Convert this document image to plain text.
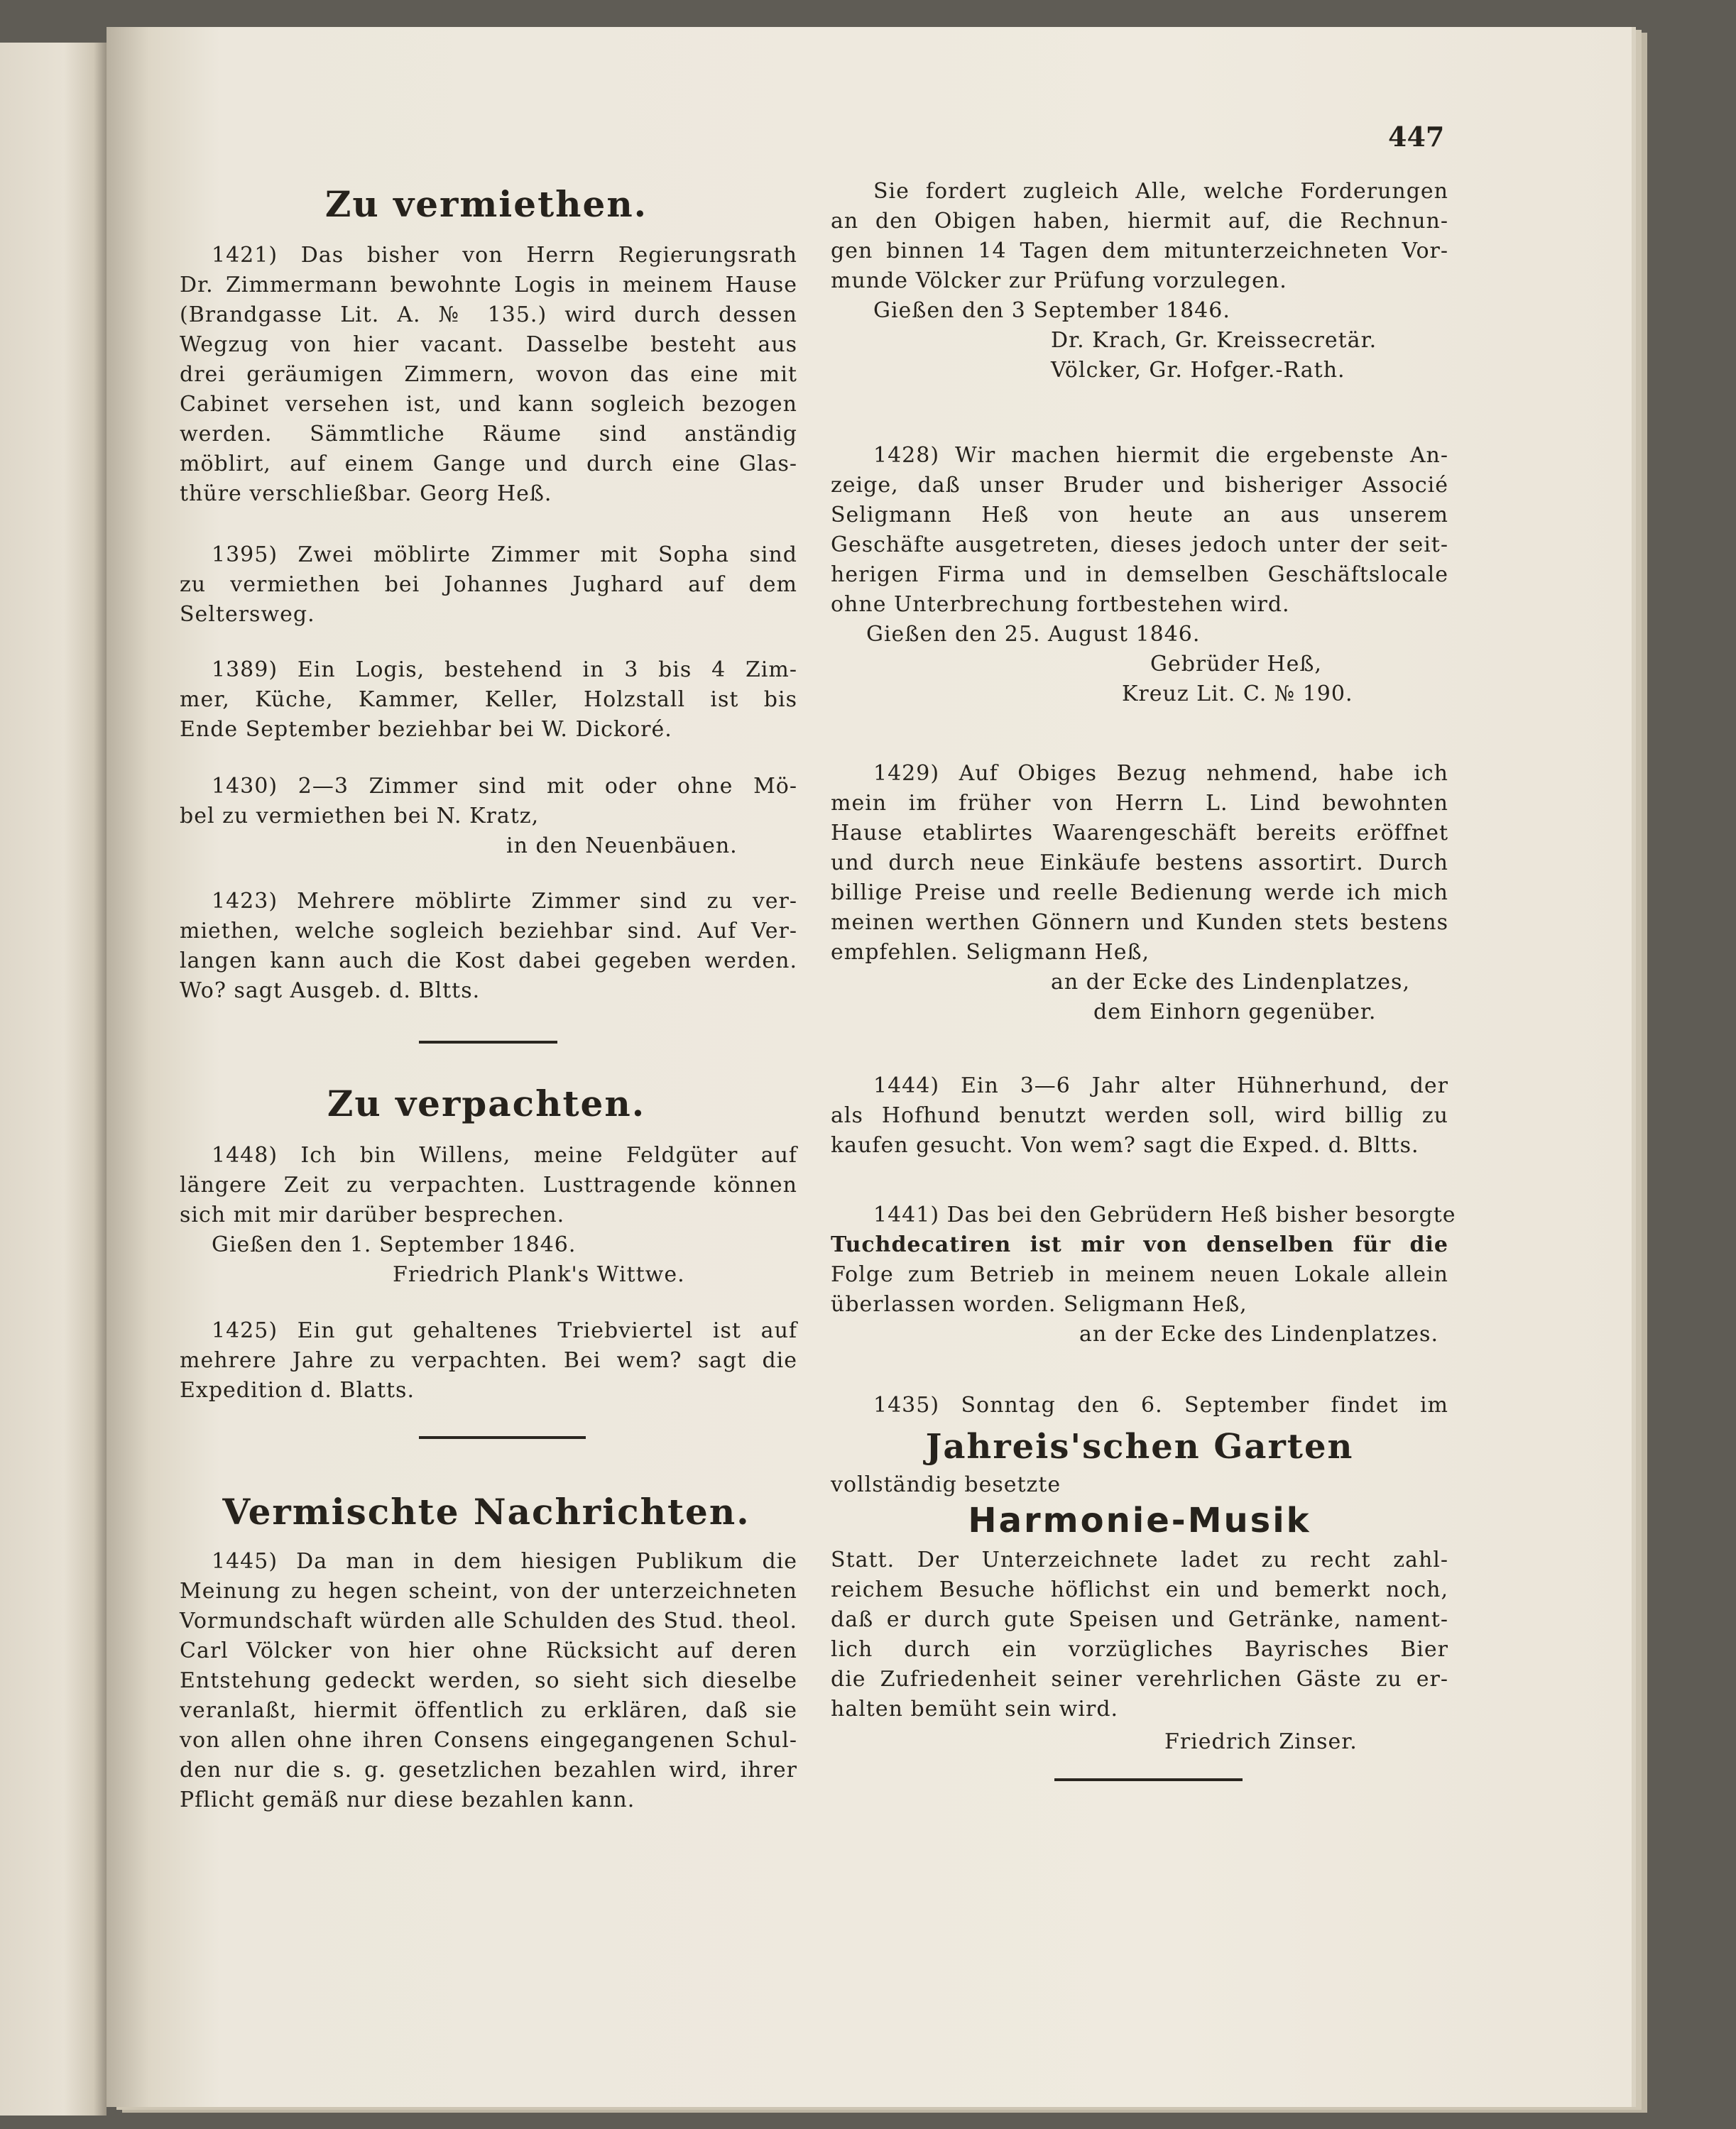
447
Zu vermiethen.
1421) Das bisher von Herrn Regierungsrath
Dr. Zimmermann bewohnte Logis in meinem Hause
(Brandgasse Lit. A. № 135.) wird durch dessen
Wegzug von hier vacant. Dasselbe besteht aus
drei geräumigen Zimmern, wovon das eine mit
Cabinet versehen ist, und kann sogleich bezogen
werden. Sämmtliche Räume sind anständig
möblirt, auf einem Gange und durch eine Glas-
thüre verschließbar. Georg Heß.
1395) Zwei möblirte Zimmer mit Sopha sind
zu vermiethen bei Johannes Jughard auf dem
Seltersweg.
1389) Ein Logis, bestehend in 3 bis 4 Zim-
mer, Küche, Kammer, Keller, Holzstall ist bis
Ende September beziehbar bei W. Dickoré.
1430) 2—3 Zimmer sind mit oder ohne Mö-
bel zu vermiethen bei N. Kratz,
in den Neuenbäuen.
1423) Mehrere möblirte Zimmer sind zu ver-
miethen, welche sogleich beziehbar sind. Auf Ver-
langen kann auch die Kost dabei gegeben werden.
Wo? sagt Ausgeb. d. Bltts.
Zu verpachten.
1448) Ich bin Willens, meine Feldgüter auf
längere Zeit zu verpachten. Lusttragende können
sich mit mir darüber besprechen.
Gießen den 1. September 1846.
Friedrich Plank's Wittwe.
1425) Ein gut gehaltenes Triebviertel ist auf
mehrere Jahre zu verpachten. Bei wem? sagt die
Expedition d. Blatts.
Vermischte Nachrichten.
1445) Da man in dem hiesigen Publikum die
Meinung zu hegen scheint, von der unterzeichneten
Vormundschaft würden alle Schulden des Stud. theol.
Carl Völcker von hier ohne Rücksicht auf deren
Entstehung gedeckt werden, so sieht sich dieselbe
veranlaßt, hiermit öffentlich zu erklären, daß sie
von allen ohne ihren Consens eingegangenen Schul-
den nur die s. g. gesetzlichen bezahlen wird, ihrer
Pflicht gemäß nur diese bezahlen kann.
Sie fordert zugleich Alle, welche Forderungen
an den Obigen haben, hiermit auf, die Rechnun-
gen binnen 14 Tagen dem mitunterzeichneten Vor-
munde Völcker zur Prüfung vorzulegen.
Gießen den 3 September 1846.
Dr. Krach, Gr. Kreissecretär.
Völcker, Gr. Hofger.-Rath.
1428) Wir machen hiermit die ergebenste An-
zeige, daß unser Bruder und bisheriger Associé
Seligmann Heß von heute an aus unserem
Geschäfte ausgetreten, dieses jedoch unter der seit-
herigen Firma und in demselben Geschäftslocale
ohne Unterbrechung fortbestehen wird.
Gießen den 25. August 1846.
Gebrüder Heß,
Kreuz Lit. C. № 190.
1429) Auf Obiges Bezug nehmend, habe ich
mein im früher von Herrn L. Lind bewohnten
Hause etablirtes Waarengeschäft bereits eröffnet
und durch neue Einkäufe bestens assortirt. Durch
billige Preise und reelle Bedienung werde ich mich
meinen werthen Gönnern und Kunden stets bestens
empfehlen. Seligmann Heß,
an der Ecke des Lindenplatzes,
dem Einhorn gegenüber.
1444) Ein 3—6 Jahr alter Hühnerhund, der
als Hofhund benutzt werden soll, wird billig zu
kaufen gesucht. Von wem? sagt die Exped. d. Bltts.
1441) Das bei den Gebrüdern Heß bisher besorgte
Tuchdecatiren ist mir von denselben für die
Folge zum Betrieb in meinem neuen Lokale allein
überlassen worden. Seligmann Heß,
an der Ecke des Lindenplatzes.
1435) Sonntag den 6. September findet im
Jahreis'schen Garten
vollständig besetzte
Harmonie-Musik
Statt. Der Unterzeichnete ladet zu recht zahl-
reichem Besuche höflichst ein und bemerkt noch,
daß er durch gute Speisen und Getränke, nament-
lich durch ein vorzügliches Bayrisches Bier
die Zufriedenheit seiner verehrlichen Gäste zu er-
halten bemüht sein wird.
Friedrich Zinser.
